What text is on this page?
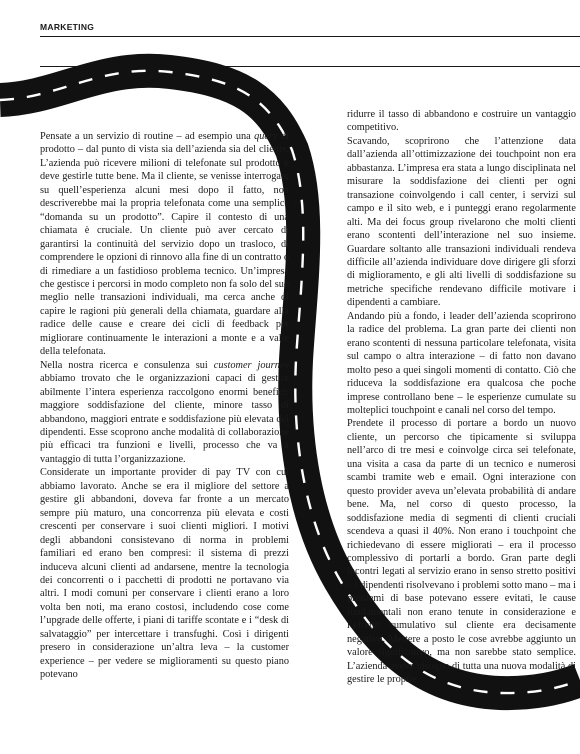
MARKETING

Pensate a un servizio di routine – ad esempio una query di prodotto – dal punto di vista sia dell’azienda sia del cliente. L’azienda può ricevere milioni di telefonate sul prodotto e deve gestirle tutte bene. Ma il cliente, se venisse interrogato su quell’esperienza alcuni mesi dopo il fatto, non descriverebbe mai la propria telefonata come una semplice “domanda su un prodotto”. Capire il contesto di una chiamata è cruciale. Un cliente può aver cercato di garantirsi la continuità del servizio dopo un trasloco, di comprendere le opzioni di rinnovo alla fine di un contratto o di rimediare a un fastidioso problema tecnico. Un’impresa che gestisce i percorsi in modo completo non fa solo del suo meglio nelle transazioni individuali, ma cerca anche di capire le ragioni più generali della chiamata, guardare alla radice delle cause e creare dei cicli di feedback per migliorare continuamente le interazioni a monte e a valle della telefonata.

Nella nostra ricerca e consulenza sui customer journey abbiamo trovato che le organizzazioni capaci di gestire abilmente l’intera esperienza raccolgono enormi benefici: maggiore soddisfazione del cliente, minore tasso di abbandono, maggiori entrate e soddisfazione più elevata dei dipendenti. Esse scoprono anche modalità di collaborazione più efficaci tra funzioni e livelli, processo che va a vantaggio di tutta l’organizzazione.

Considerate un importante provider di pay TV con cui abbiamo lavorato. Anche se era il migliore del settore a gestire gli abbandoni, doveva far fronte a un mercato sempre più maturo, una concorrenza più elevata e costi crescenti per conservare i suoi clienti migliori. I motivi degli abbandoni consistevano di norma in problemi familiari ed erano ben compresi: il sistema di prezzi induceva alcuni clienti ad andarsene, mentre la tecnologia dei concorrenti o i pacchetti di prodotti ne portavano via altri. I modi comuni per conservare i clienti erano a loro volta ben noti, ma erano costosi, includendo cose come l’upgrade delle offerte, i piani di tariffe scontate e i “desk di salvataggio” per intercettare i transfughi. Così i dirigenti presero in considerazione un’altra leva – la customer experience – per vedere se miglioramenti su questo piano potevano

ridurre il tasso di abbandono e costruire un vantaggio competitivo.

Scavando, scoprirono che l’attenzione data dall’azienda all’ottimizzazione dei touchpoint non era abbastanza. L’impresa era stata a lungo disciplinata nel misurare la soddisfazione dei clienti per ogni transazione coinvolgendo i call center, i servizi sul campo e il sito web, e i punteggi erano regolarmente alti. Ma dei focus group rivelarono che molti clienti erano scontenti dell’interazione nel suo insieme. Guardare soltanto alle transazioni individuali rendeva difficile all’azienda individuare dove dirigere gli sforzi di miglioramento, e gli alti livelli di soddisfazione su metriche specifiche rendevano difficile motivare i dipendenti a cambiare.

Andando più a fondo, i leader dell’azienda scoprirono la radice del problema. La gran parte dei clienti non erano scontenti di nessuna particolare telefonata, visita sul campo o altra interazione – di fatto non davano molto peso a quei singoli momenti di contatto. Ciò che riduceva la soddisfazione era qualcosa che poche imprese controllano bene – le esperienze cumulate su molteplici touchpoint e canali nel corso del tempo.

Prendete il processo di portare a bordo un nuovo cliente, un percorso che tipicamente si sviluppa nell’arco di tre mesi e coinvolge circa sei telefonate, una visita a casa da parte di un tecnico e numerosi scambi tramite web e email. Ogni interazione con questo provider aveva un’elevata probabilità di andare bene. Ma, nel corso di questo processo, la soddisfazione media di segmenti di clienti cruciali scendeva a quasi il 40%. Non erano i touchpoint che richiedevano di essere migliorati – era il processo complessivo di portarli a bordo. Gran parte degli incontri legati al servizio erano in senso stretto positivi – i dipendenti risolvevano i problemi sotto mano – ma i problemi di base potevano essere evitati, le cause fondamentali non erano tenute in considerazione e l’effetto cumulativo sul cliente era decisamente negativo. Mettere a posto le cose avrebbe aggiunto un valore significativo, ma non sarebbe stato semplice. L’azienda aveva bisogno di tutta una nuova modalità di gestire le proprie
